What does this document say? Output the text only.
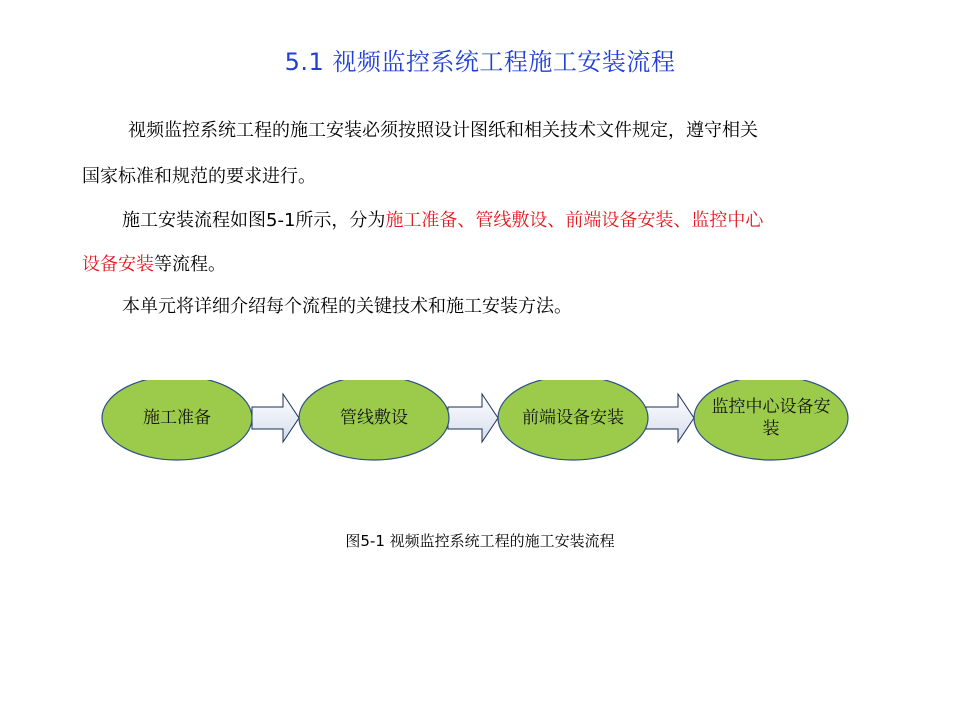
5.1 视频监控系统工程施工安装流程
视频监控系统工程的施工安装必须按照设计图纸和相关技术文件规定，遵守相关
国家标准和规范的要求进行。
施工安装流程如图5-1所示，分为施工准备、管线敷设、前端设备安装、监控中心
设备安装等流程。
本单元将详细介绍每个流程的关键技术和施工安装方法。
施工准备	管线敷设	前端设备安装
监控中心设备安装
图5-1 视频监控系统工程的施工安装流程
